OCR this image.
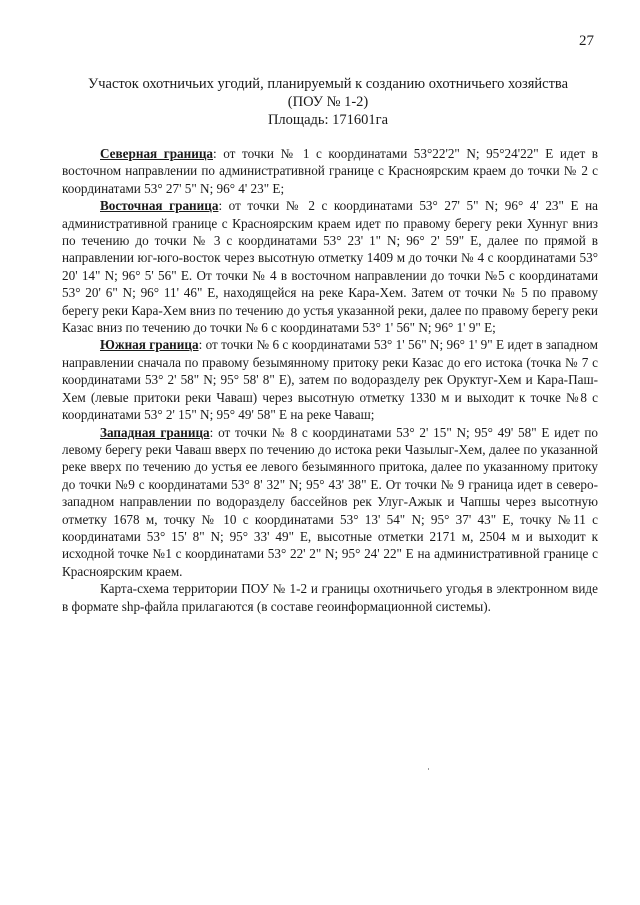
27
Участок охотничьих угодий, планируемый к созданию охотничьего хозяйства
(ПОУ № 1-2)
Площадь: 171601га

Северная граница: от точки № 1 с координатами 53°22'2" N; 95°24'22" E идет в восточном направлении по административной границе с Красноярским краем до точки № 2 с координатами 53° 27' 5" N; 96° 4' 23" E;

Восточная граница: от точки № 2 с координатами 53° 27' 5" N; 96° 4' 23" E на административной границе с Красноярским краем идет по правому берегу реки Хуннуг вниз по течению до точки № 3 с координатами 53° 23' 1" N; 96° 2' 59" E, далее по прямой в направлении юг-юго-восток через высотную отметку 1409 м до точки № 4 с координатами 53° 20' 14" N; 96° 5' 56" E. От точки № 4 в восточном направлении до точки №5 с координатами 53° 20' 6" N; 96° 11' 46" E, находящейся на реке Кара-Хем. Затем от точки № 5 по правому берегу реки Кара-Хем вниз по течению до устья указанной реки, далее по правому берегу реки Казас вниз по течению до точки № 6 с координатами 53° 1' 56" N; 96° 1' 9" E;

Южная граница: от точки № 6 с координатами 53° 1' 56" N; 96° 1' 9" E идет в западном направлении сначала по правому безымянному притоку реки Казас до его истока (точка № 7 с координатами 53° 2' 58" N; 95° 58' 8" E), затем по водоразделу рек Оруктуг-Хем и Кара-Паш-Хем (левые притоки реки Чаваш) через высотную отметку 1330 м и выходит к точке №8 с координатами 53° 2' 15" N; 95° 49' 58" E на реке Чаваш;

Западная граница: от точки № 8 с координатами 53° 2' 15" N; 95° 49' 58" E идет по левому берегу реки Чаваш вверх по течению до истока реки Чазылыг-Хем, далее по указанной реке вверх по течению до устья ее левого безымянного притока, далее по указанному притоку до точки №9 с координатами 53° 8' 32" N; 95° 43' 38" E. От точки № 9 граница идет в северо-западном направлении по водоразделу бассейнов рек Улуг-Ажык и Чапшы через высотную отметку 1678 м, точку № 10 с координатами 53° 13' 54" N; 95° 37' 43" E, точку №11 с координатами 53° 15' 8" N; 95° 33' 49" E, высотные отметки 2171 м, 2504 м и выходит к исходной точке №1 с координатами 53° 22' 2" N; 95° 24' 22" E на административной границе с Красноярским краем.

Карта-схема территории ПОУ № 1-2 и границы охотничьего угодья в электронном виде в формате shp-файла прилагаются (в составе геоинформационной системы).
